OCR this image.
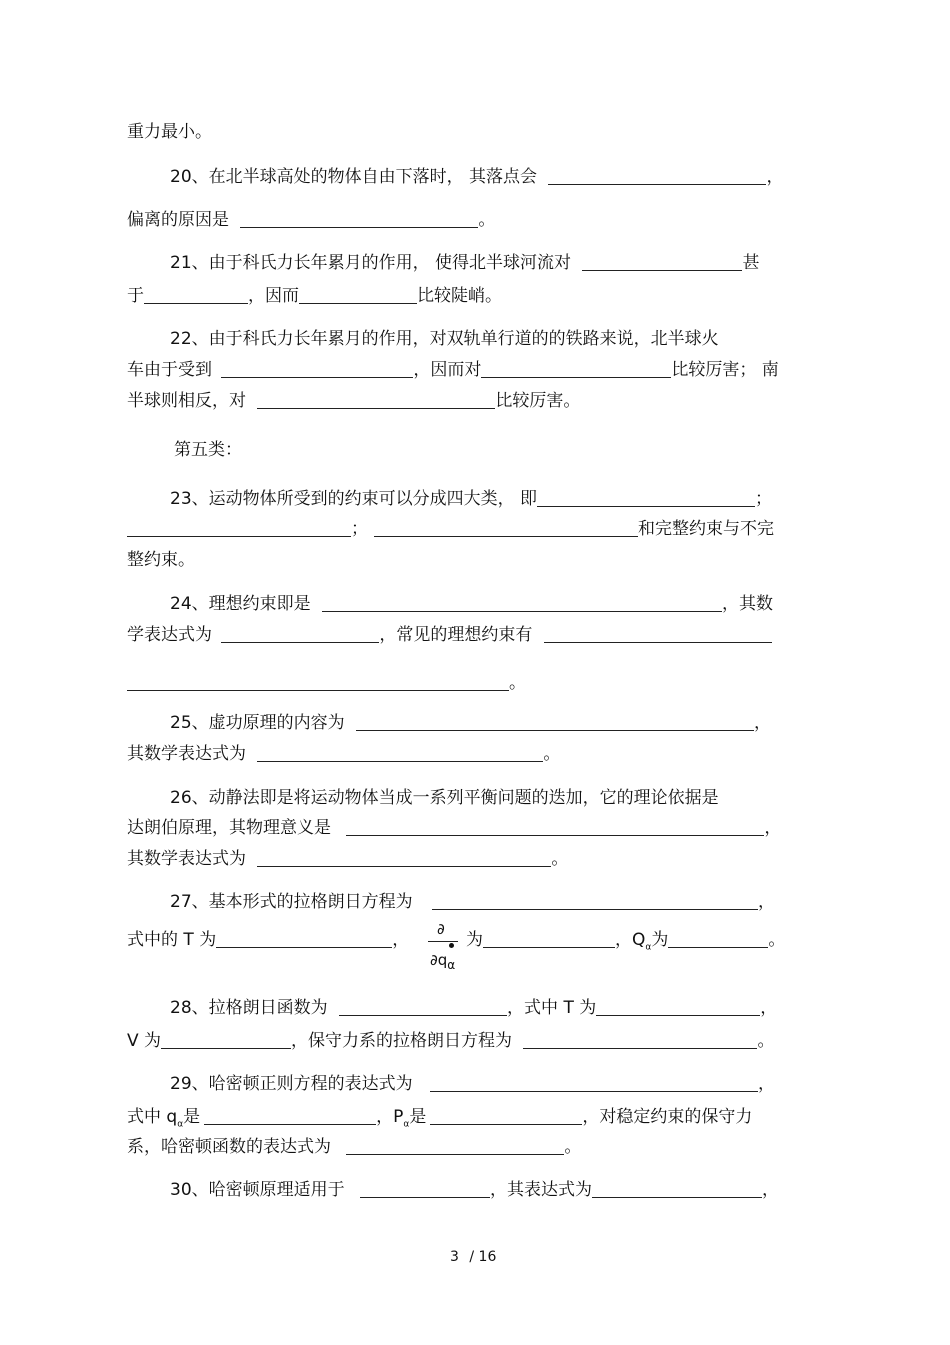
重力最小。
20、在北半球高处的物体自由下落时， 其落点会	，
偏离的原因是	。
21、由于科氏力长年累月的作用， 使得北半球河流对	甚
于	，因而	比较陡峭。
22、由于科氏力长年累月的作用，对双轨单行道的的铁路来说，北半球火
车由于受到	，因而对	比较厉害； 南
半球则相反，对	比较厉害。
第五类：
23、运动物体所受到的约束可以分成四大类， 即	；
；	和完整约束与不完
整约束。
24、理想约束即是	，其数
学表达式为	，常见的理想约束有
。
25、虚功原理的内容为	，
其数学表达式为	。
26、动静法即是将运动物体当成一系列平衡问题的迭加，它的理论依据是
达朗伯原理，其物理意义是	，
其数学表达式为	。
27、基本形式的拉格朗日方程为	，
式中的 T 为	，
∂
$\partial q_\alpha$
为	，$Q_\alpha$为	。
28、拉格朗日函数为	，式中 T 为	，
V 为	，保守力系的拉格朗日方程为	。
29、哈密顿正则方程的表达式为	，
式中 $q_\alpha$是	，$P_\alpha$是	，对稳定约束的保守力
系，哈密顿函数的表达式为	。
30、哈密顿原理适用于	，其表达式为	，
3 / 16
